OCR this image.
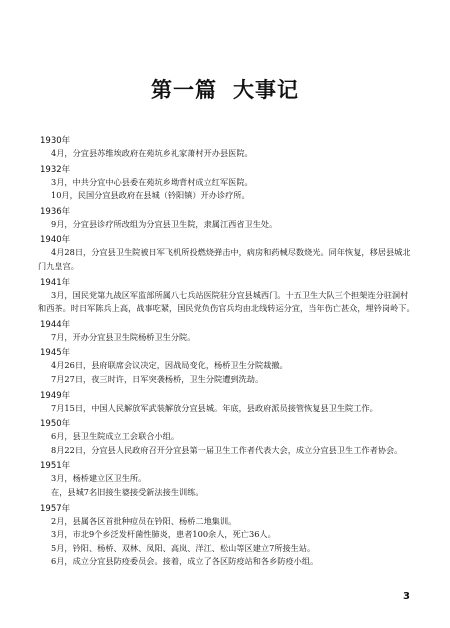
第一篇 大事记

1930年

4月，分宜县苏维埃政府在苑坑乡礼家萧村开办县医院。

1932年

3月，中共分宜中心县委在苑坑乡坳背村成立红军医院。

10月，民国分宜县政府在县城（钤阳镇）开办诊疗所。

1936年

9月，分宜县诊疗所改组为分宜县卫生院，隶属江西省卫生处。

1940年

4月28日，分宜县卫生院被日军飞机所投燃烧弹击中，病房和药械尽数烧光。同年恢复，移居县城北门九皇宫。

1941年

3月，国民党第九战区军监部所属八七兵站医院驻分宜县城西门。十五卫生大队三个担架连分驻洞村和西茶。时日军陈兵上高，战事吃紧，国民党负伤官兵均由北线转运分宜，当年伤亡甚众，埋钤岗岭下。

1944年

7月，开办分宜县卫生院杨桥卫生分院。

1945年

4月26日，县府联席会议决定，因战局变化，杨桥卫生分院裁撤。

7月27日，夜三时许，日军突袭杨桥，卫生分院遭到洗劫。

1949年

7月15日，中国人民解放军武装解放分宜县城。年底，县政府派员接管恢复县卫生院工作。

1950年

6月，县卫生院成立工会联合小组。

8月22日，分宜县人民政府召开分宜县第一届卫生工作者代表大会，成立分宜县卫生工作者协会。

1951年

3月，杨桥建立区卫生所。

在，县城7名旧接生婆接受新法接生训练。

1957年

2月，县属各区首批种痘员在钤阳、杨桥二地集训。

3月，市北9个乡泛发杆菌性肺炎，患者100余人，死亡36人。

5月，钤阳、杨桥、双林、凤阳、高岚、洋江、松山等区建立7所接生站。

6月，成立分宜县防疫委员会。接着，成立了各区防疫站和各乡防疫小组。

3
